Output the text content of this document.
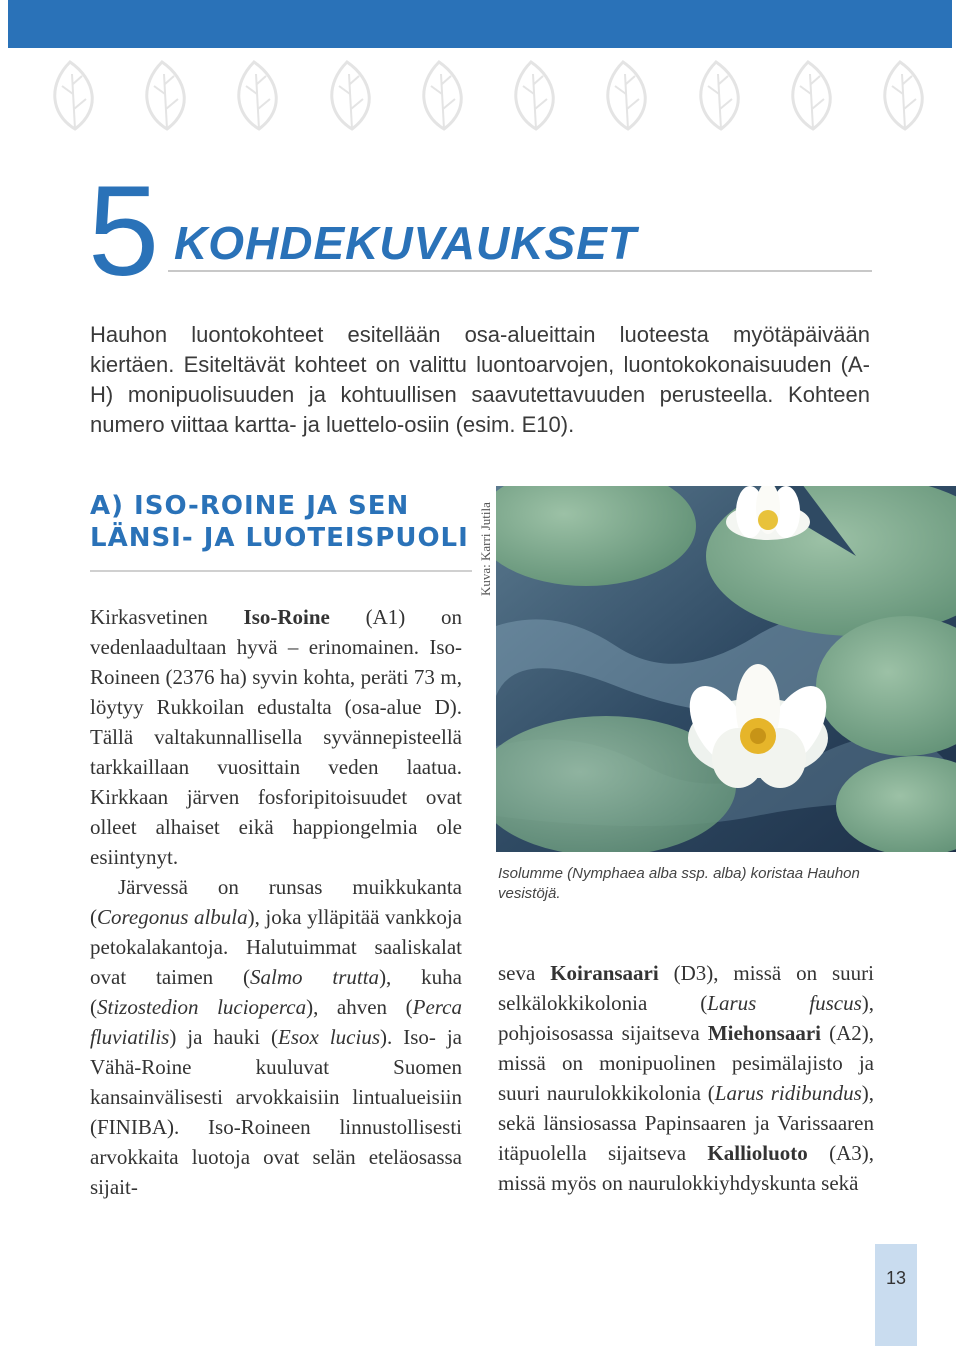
5 KOHDEKUVAUKSET

Hauhon luontokohteet esitellään osa-alueittain luoteesta myötäpäivään kiertäen. Esiteltävät kohteet on valittu luontoarvojen, luontokokonaisuuden (A-H) monipuolisuuden ja kohtuullisen saavutettavuuden perusteella. Kohteen numero viittaa kartta- ja luettelo-osiin (esim. E10).

A) ISO-ROINE JA SEN
LÄNSI- JA LUOTEISPUOLI

Kirkasvetinen Iso-Roine (A1) on vedenlaadultaan hyvä – erinomainen. Iso-Roineen (2376 ha) syvin kohta, peräti 73 m, löytyy Rukkoilan edustalta (osa-alue D). Tällä valtakunnallisella syvännepisteellä tarkkaillaan vuosittain veden laatua. Kirkkaan järven fosforipitoisuudet ovat olleet alhaiset eikä happiongelmia ole esiintynyt.

Järvessä on runsas muikkukanta (Coregonus albula), joka ylläpitää vankkoja petokalakantoja. Halutuimmat saaliskalat ovat taimen (Salmo trutta), kuha (Stizostedion lucioperca), ahven (Perca fluviatilis) ja hauki (Esox lucius). Iso- ja Vähä-Roine kuuluvat Suomen kansainvälisesti arvokkaisiin lintualueisiin (FINIBA). Iso-Roineen linnustollisesti arvokkaita luotoja ovat selän eteläosassa sijait-

Kuva: Karri Jutila
Isolumme (Nymphaea alba ssp. alba) koristaa Hauhon vesistöjä.

seva Koiransaari (D3), missä on suuri selkälokkikolonia (Larus fuscus), pohjoisosassa sijaitseva Miehonsaari (A2), missä on monipuolinen pesimälajisto ja suuri naurulokkikolonia (Larus ridibundus), sekä länsiosassa Papinsaaren ja Varissaaren itäpuolella sijaitseva Kallioluoto (A3), missä myös on naurulokkiyhdyskunta sekä

13
